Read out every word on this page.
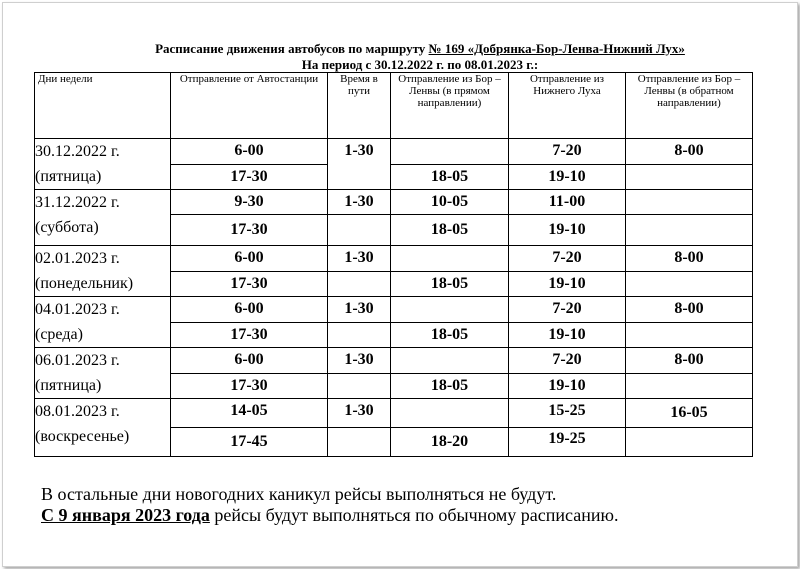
Расписание движения автобусов по маршруту № 169 «Добрянка-Бор-Ленва-Нижний Лух»
На период с 30.12.2022 г. по 08.01.2023 г.:
Дни недели	Отправление от Автостанции	Время в пути	Отправление из Бор – Ленвы (в прямом направлении)	Отправление из Нижнего Луха	Отправление из Бор – Ленвы (в обратном направлении)

30.12.2022 г.
(пятница)	6-00	1-30		7-20	8-00
	17-30		18-05	19-10	

31.12.2022 г.
(суббота)	9-30	1-30	10-05	11-00	
	17-30		18-05	19-10	

02.01.2023 г.
(понедельник)	6-00	1-30		7-20	8-00
	17-30		18-05	19-10	

04.01.2023 г.
(среда)	6-00	1-30		7-20	8-00
	17-30		18-05	19-10	

06.01.2023 г.
(пятница)	6-00	1-30		7-20	8-00
	17-30		18-05	19-10	

08.01.2023 г.
(воскресенье)	14-05	1-30		15-25	16-05
	17-45		18-20	19-25	
В остальные дни новогодних каникул рейсы выполняться не будут.
С 9 января 2023 года рейсы будут выполняться по обычному расписанию.
